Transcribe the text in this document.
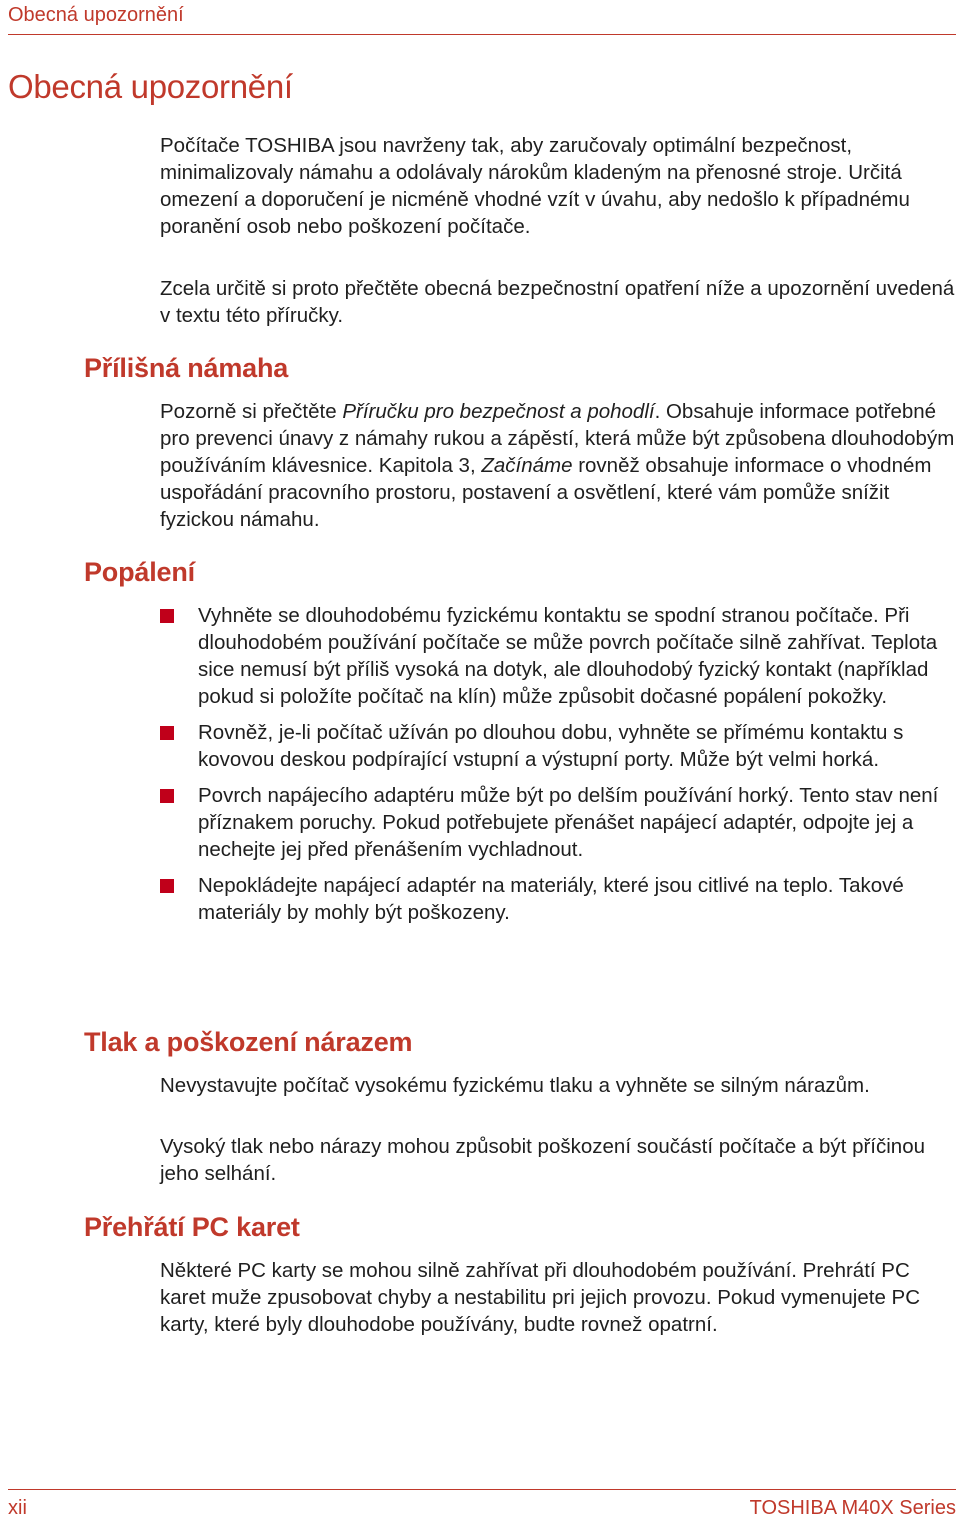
Obecná upozornění
Obecná upozornění

Počítače TOSHIBA jsou navrženy tak, aby zaručovaly optimální bezpečnost, minimalizovaly námahu a odolávaly nárokům kladeným na přenosné stroje. Určitá omezení a doporučení je nicméně vhodné vzít v úvahu, aby nedošlo k případnému poranění osob nebo poškození počítače.

Zcela určitě si proto přečtěte obecná bezpečnostní opatření níže a upozornění uvedená v textu této příručky.

Přílišná námaha

Pozorně si přečtěte Příručku pro bezpečnost a pohodlí. Obsahuje informace potřebné pro prevenci únavy z námahy rukou a zápěstí, která může být způsobena dlouhodobým používáním klávesnice. Kapitola 3, Začínáme rovněž obsahuje informace o vhodném uspořádání pracovního prostoru, postavení a osvětlení, které vám pomůže snížit fyzickou námahu.

Popálení
Vyhněte se dlouhodobému fyzickému kontaktu se spodní stranou počítače. Při dlouhodobém používání počítače se může povrch počítače silně zahřívat. Teplota sice nemusí být příliš vysoká na dotyk, ale dlouhodobý fyzický kontakt (například pokud si položíte počítač na klín) může způsobit dočasné popálení pokožky.
Rovněž, je-li počítač užíván po dlouhou dobu, vyhněte se přímému kontaktu s kovovou deskou podpírající vstupní a výstupní porty. Může být velmi horká.
Povrch napájecího adaptéru může být po delším používání horký. Tento stav není příznakem poruchy. Pokud potřebujete přenášet napájecí adaptér, odpojte jej a nechejte jej před přenášením vychladnout.
Nepokládejte napájecí adaptér na materiály, které jsou citlivé na teplo. Takové materiály by mohly být poškozeny.
Tlak a poškození nárazem

Nevystavujte počítač vysokému fyzickému tlaku a vyhněte se silným nárazům.

Vysoký tlak nebo nárazy mohou způsobit poškození součástí počítače a být příčinou jeho selhání.

Přehřátí PC karet

Některé PC karty se mohou silně zahřívat při dlouhodobém používání. Prehrátí PC karet muže zpusobovat chyby a nestabilitu pri jejich provozu. Pokud vymenujete PC karty, které byly dlouhodobe používány, budte rovnež opatrní.

xii	TOSHIBA M40X Series
